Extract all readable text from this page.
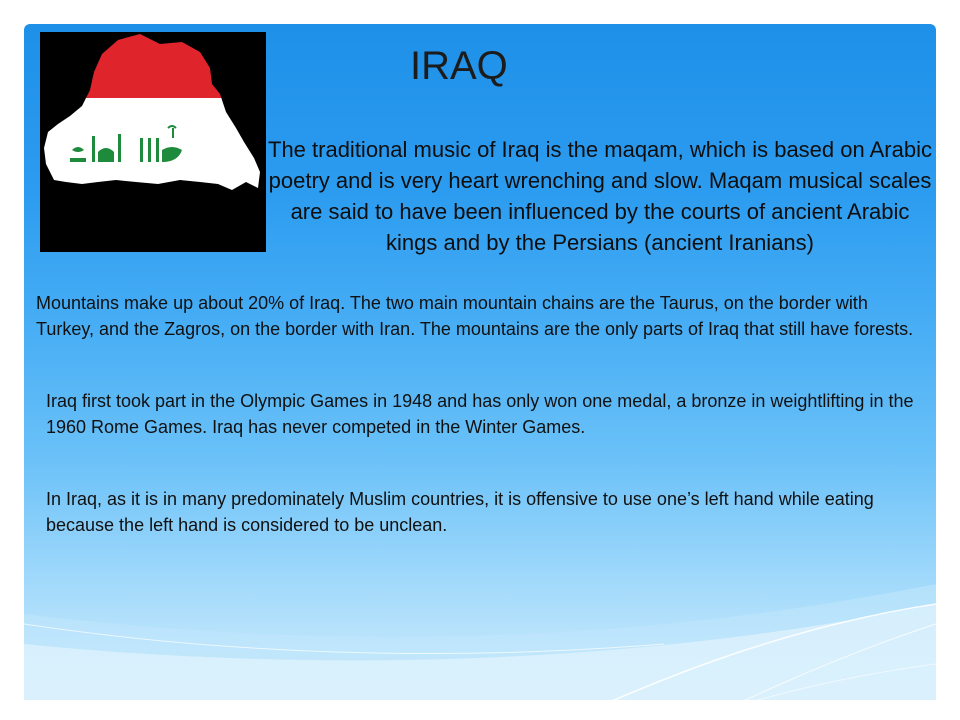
IRAQ
The traditional music of Iraq is the maqam, which is based on Arabic poetry and is very heart wrenching and slow. Maqam musical scales are said to have been influenced by the courts of ancient Arabic kings and by the Persians (ancient Iranians)
Mountains make up about 20% of Iraq. The two main mountain chains are the Taurus, on the border with Turkey, and the Zagros, on the border with Iran. The mountains are the only parts of Iraq that still have forests.
Iraq first took part in the Olympic Games in 1948 and has only won one medal, a bronze in weightlifting in the 1960 Rome Games. Iraq has never competed in the Winter Games.
In Iraq, as it is in many predominately Muslim countries, it is offensive to use one’s left hand while eating because the left hand is considered to be unclean.
